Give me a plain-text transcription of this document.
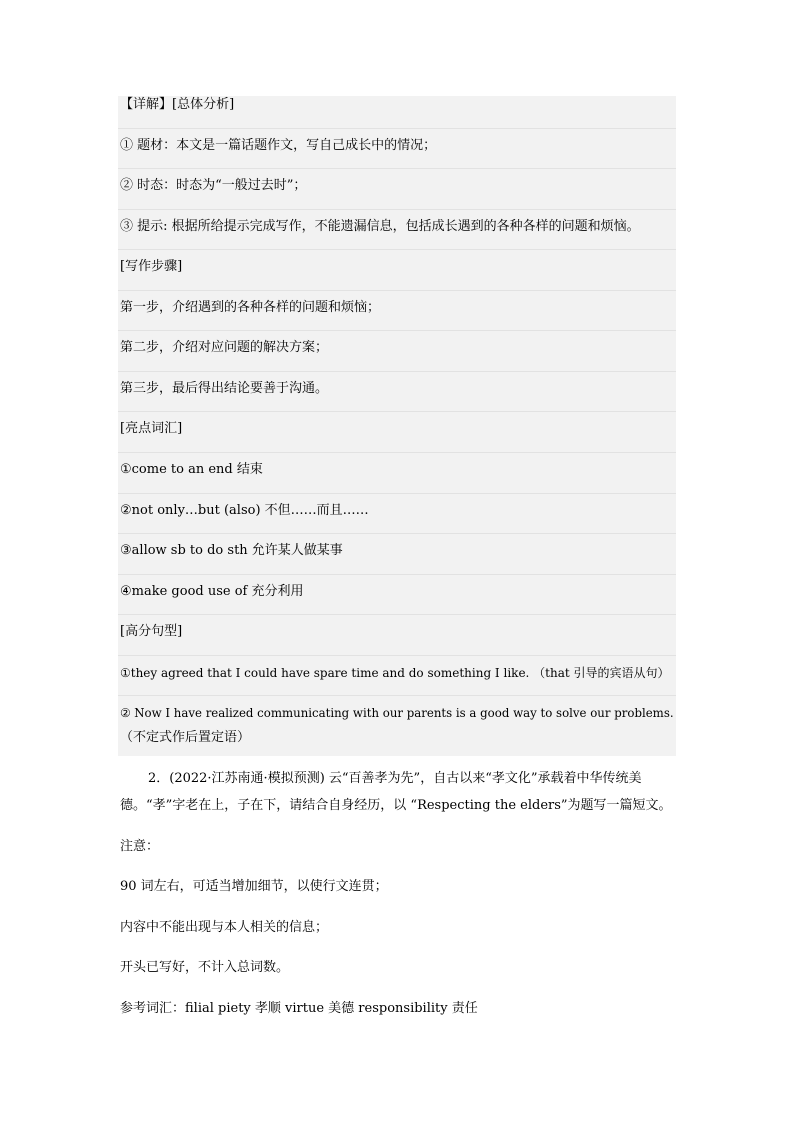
【详解】[总体分析]
① 题材：本文是一篇话题作文，写自己成长中的情况；
② 时态：时态为“一般过去时”；
③ 提示: 根据所给提示完成写作，不能遗漏信息，包括成长遇到的各种各样的问题和烦恼。
[写作步骤]
第一步，介绍遇到的各种各样的问题和烦恼；
第二步，介绍对应问题的解决方案；
第三步，最后得出结论要善于沟通。
[亮点词汇]
①come to an end 结束
②not only…but (also) 不但……而且……
③allow sb to do sth 允许某人做某事
④make good use of 充分利用
[高分句型]
①they agreed that I could have spare time and do something I like. （that 引导的宾语从句）
② Now I have realized communicating with our parents is a good way to solve our problems.
（不定式作后置定语）
2．(2022·江苏南通·模拟预测) 云“百善孝为先”，自古以来“孝文化”承载着中华传统美
德。“孝”字老在上，子在下，请结合自身经历，以 “Respecting the elders”为题写一篇短文。
注意：
90 词左右，可适当增加细节，以使行文连贯；
内容中不能出现与本人相关的信息；
开头已写好，不计入总词数。
参考词汇：filial piety 孝顺 virtue 美德 responsibility 责任
